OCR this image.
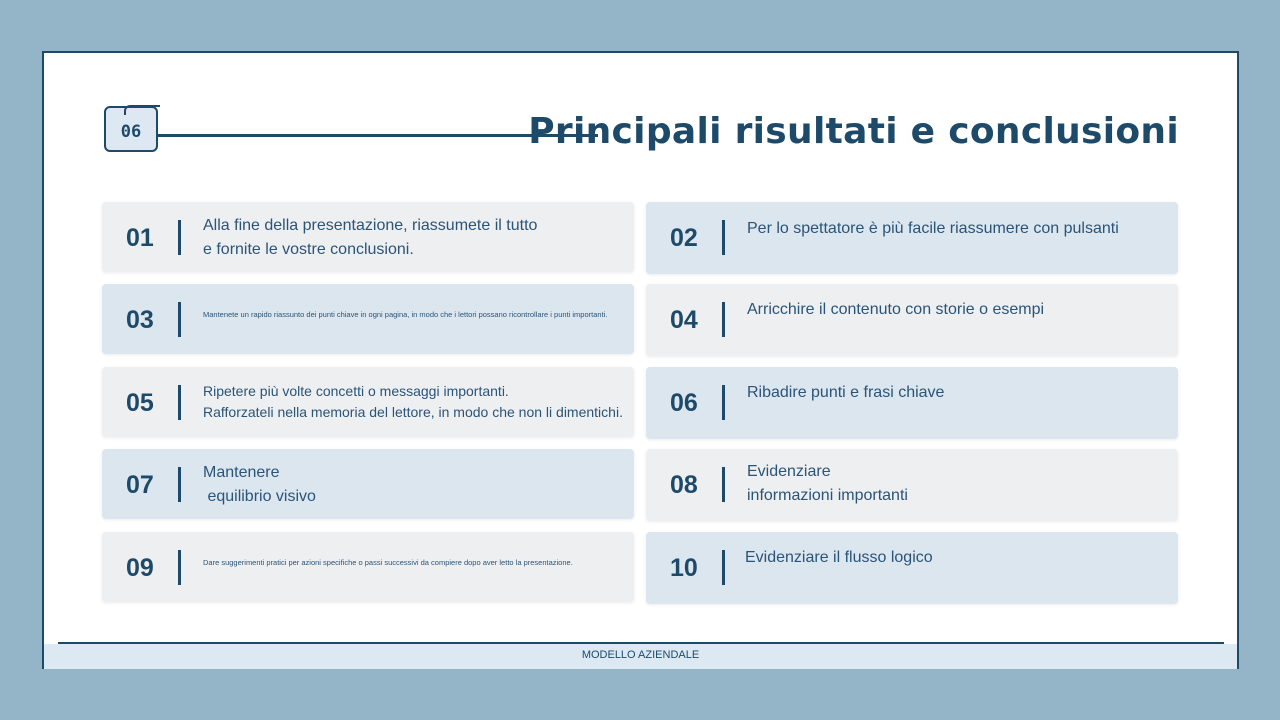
06	Principali risultati e conclusioni
01	Alla fine della presentazione, riassumete il tutto
e fornite le vostre conclusioni.	02	Per lo spettatore è più facile riassumere con pulsanti
03	Mantenete un rapido riassunto dei punti chiave in ogni pagina, in modo che i lettori possano ricontrollare i punti importanti.	04	Arricchire il contenuto con storie o esempi
05	Ripetere più volte concetti o messaggi importanti.
Rafforzateli nella memoria del lettore, in modo che non li dimentichi. 06	Ribadire punti e frasi chiave
07	Mantenere
equilibrio visivo	08	Evidenziare
informazioni importanti
09	Dare suggerimenti pratici per azioni specifiche o passi successivi da compiere dopo aver letto la presentazione.	10	Evidenziare il flusso logico
MODELLO AZIENDALE
